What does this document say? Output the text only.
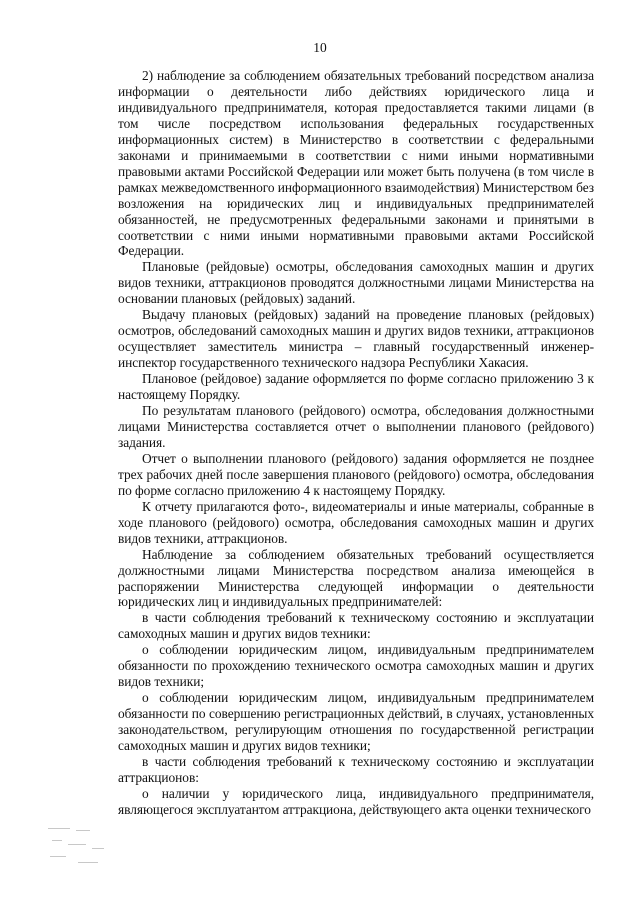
10

2) наблюдение за соблюдением обязательных требований посредством анализа информации о деятельности либо действиях юридического лица и индивидуального предпринимателя, которая предоставляется такими лицами (в том числе посредством использования федеральных государственных информационных систем) в Министерство в соответствии с федеральными законами и принимаемыми в соответствии с ними иными нормативными правовыми актами Российской Федерации или может быть получена (в том числе в рамках межведомственного информационного взаимодействия) Министерством без возложения на юридических лиц и индивидуальных предпринимателей обязанностей, не предусмотренных федеральными законами и принятыми в соответствии с ними иными нормативными правовыми актами Российской Федерации.

Плановые (рейдовые) осмотры, обследования самоходных машин и других видов техники, аттракционов проводятся должностными лицами Министерства на основании плановых (рейдовых) заданий.

Выдачу плановых (рейдовых) заданий на проведение плановых (рейдовых) осмотров, обследований самоходных машин и других видов техники, аттракционов осуществляет заместитель министра – главный государственный инженер-инспектор государственного технического надзора Республики Хакасия.

Плановое (рейдовое) задание оформляется по форме согласно приложению 3 к настоящему Порядку.

По результатам планового (рейдового) осмотра, обследования должностными лицами Министерства составляется отчет о выполнении планового (рейдового) задания.

Отчет о выполнении планового (рейдового) задания оформляется не позднее трех рабочих дней после завершения планового (рейдового) осмотра, обследования по форме согласно приложению 4 к настоящему Порядку.

К отчету прилагаются фото-, видеоматериалы и иные материалы, собранные в ходе планового (рейдового) осмотра, обследования самоходных машин и других видов техники, аттракционов.

Наблюдение за соблюдением обязательных требований осуществляется должностными лицами Министерства посредством анализа имеющейся в распоряжении Министерства следующей информации о деятельности юридических лиц и индивидуальных предпринимателей:

в части соблюдения требований к техническому состоянию и эксплуатации самоходных машин и других видов техники:

о соблюдении юридическим лицом, индивидуальным предпринимателем обязанности по прохождению технического осмотра самоходных машин и других видов техники;

о соблюдении юридическим лицом, индивидуальным предпринимателем обязанности по совершению регистрационных действий, в случаях, установленных законодательством, регулирующим отношения по государственной регистрации самоходных машин и других видов техники;

в части соблюдения требований к техническому состоянию и эксплуатации аттракционов:

о наличии у юридического лица, индивидуального предпринимателя, являющегося эксплуатантом аттракциона, действующего акта оценки технического
